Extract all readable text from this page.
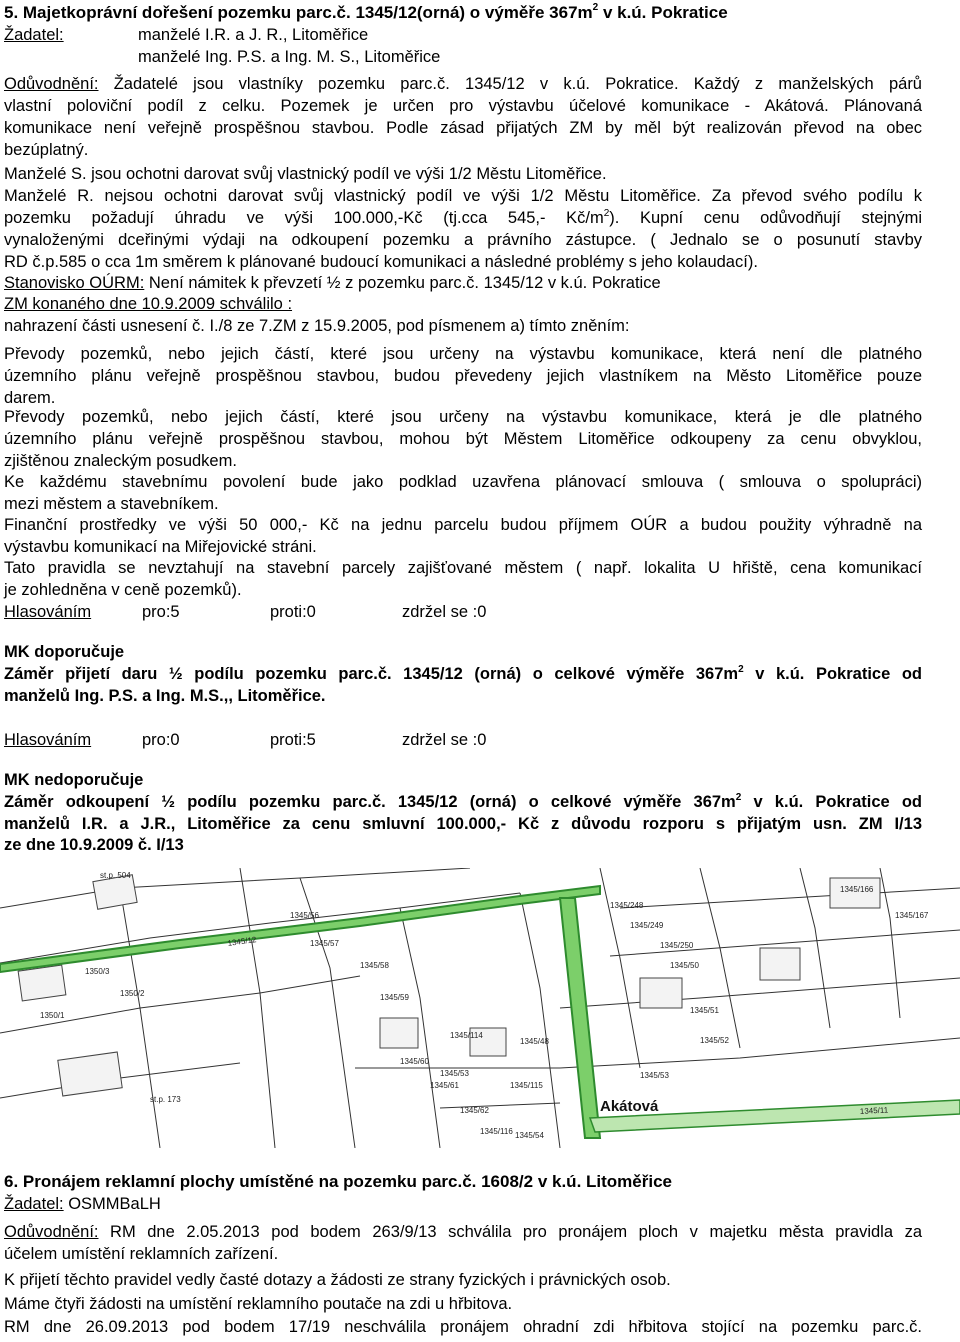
5. Majetkoprávní dořešení pozemku parc.č. 1345/12(orná) o výměře $367m^2$ v k.ú. Pokratice
Žadatel:	manželé I.R. a J. R., Litoměřice
manželé Ing. P.S. a Ing. M. S., Litoměřice
Odůvodnění: Žadatelé jsou vlastníky pozemku parc.č. 1345/12 v k.ú. Pokratice. Každý z manželských párů
vlastní poloviční podíl z celku. Pozemek je určen pro výstavbu účelové komunikace - Akátová. Plánovaná
komunikace není veřejně prospěšnou stavbou. Podle zásad přijatých ZM by měl být realizován převod na obec
bezúplatný.
Manželé S. jsou ochotni darovat svůj vlastnický podíl ve výši 1/2 Městu Litoměřice.
Manželé R. nejsou ochotni darovat svůj vlastnický podíl ve výši 1/2 Městu Litoměřice. Za převod svého podílu k
pozemku požadují úhradu ve výši 100.000,-Kč (tj.cca 545,- $Kč/m^2$). Kupní cenu odůvodňují stejnými
vynaloženými dceřinými výdaji na odkoupení pozemku a právního zástupce. ( Jednalo se o posunutí stavby
RD č.p.585 o cca 1m směrem k plánované budoucí komunikaci a následné problémy s jeho kolaudací).
Stanovisko OÚRM: Není námitek k převzetí ½ z pozemku parc.č. 1345/12 v k.ú. Pokratice
ZM konaného dne 10.9.2009 schválilo :
nahrazení části usnesení č. I./8 ze 7.ZM z 15.9.2005, pod písmenem a) tímto zněním:
Převody pozemků, nebo jejich částí, které jsou určeny na výstavbu komunikace, která není dle platného
územního plánu veřejně prospěšnou stavbou, budou převedeny jejich vlastníkem na Město Litoměřice pouze
darem.
Převody pozemků, nebo jejich částí, které jsou určeny na výstavbu komunikace, která je dle platného
územního plánu veřejně prospěšnou stavbou, mohou být Městem Litoměřice odkoupeny za cenu obvyklou,
zjištěnou znaleckým posudkem.
Ke každému stavebnímu povolení bude jako podklad uzavřena plánovací smlouva ( smlouva o spolupráci)
mezi městem a stavebníkem.
Finanční prostředky ve výši 50 000,- Kč na jednu parcelu budou příjmem OÚR a budou použity výhradně na
výstavbu komunikací na Miřejovické stráni.
Tato pravidla se nevztahují na stavební parcely zajišťované městem ( např. lokalita U hřiště, cena komunikací
je zohledněna v ceně pozemků).
Hlasováním	pro:5	proti:0	zdržel se :0
MK doporučuje
Záměr přijetí daru ½ podílu pozemku parc.č. 1345/12 (orná) o celkové výměře $367m^2$ v k.ú. Pokratice od
manželů Ing. P.S. a Ing. M.S.,, Litoměřice.
Hlasováním	pro:0	proti:5	zdržel se :0
MK nedoporučuje
Záměr odkoupení ½ podílu pozemku parc.č. 1345/12 (orná) o celkové výměře $367m^2$ v k.ú. Pokratice od
manželů I.R. a J.R., Litoměřice za cenu smluvní 100.000,- Kč z důvodu rozporu s přijatým usn. ZM I/13
ze dne 10.9.2009 č. I/13
st.p. 504
1345/56
1345/57
1345/58
1345/59
1345/60
1345/61
1345/62
1350/3
1350/1
1350/2
st.p. 173
1345/48
1345/50
1345/51
1345/52
1345/53
1345/54
1345/116
1345/115
1345/114
1345/12
1345/248
1345/249
1345/250
1345/166
1345/167
1345/53
1345/11
Akátová
6. Pronájem reklamní plochy umístěné na pozemku parc.č. 1608/2 v k.ú. Litoměřice
Žadatel: OSMMBaLH
Odůvodnění: RM dne 2.05.2013 pod bodem 263/9/13 schválila pro pronájem ploch v majetku města pravidla za
účelem umístění reklamních zařízení.
K přijetí těchto pravidel vedly časté dotazy a žádosti ze strany fyzických i právnických osob.
Máme čtyři žádosti na umístění reklamního poutače na zdi u hřbitova.
RM dne 26.09.2013 pod bodem 17/19 neschválila pronájem ohradní zdi hřbitova stojící na pozemku parc.č.
